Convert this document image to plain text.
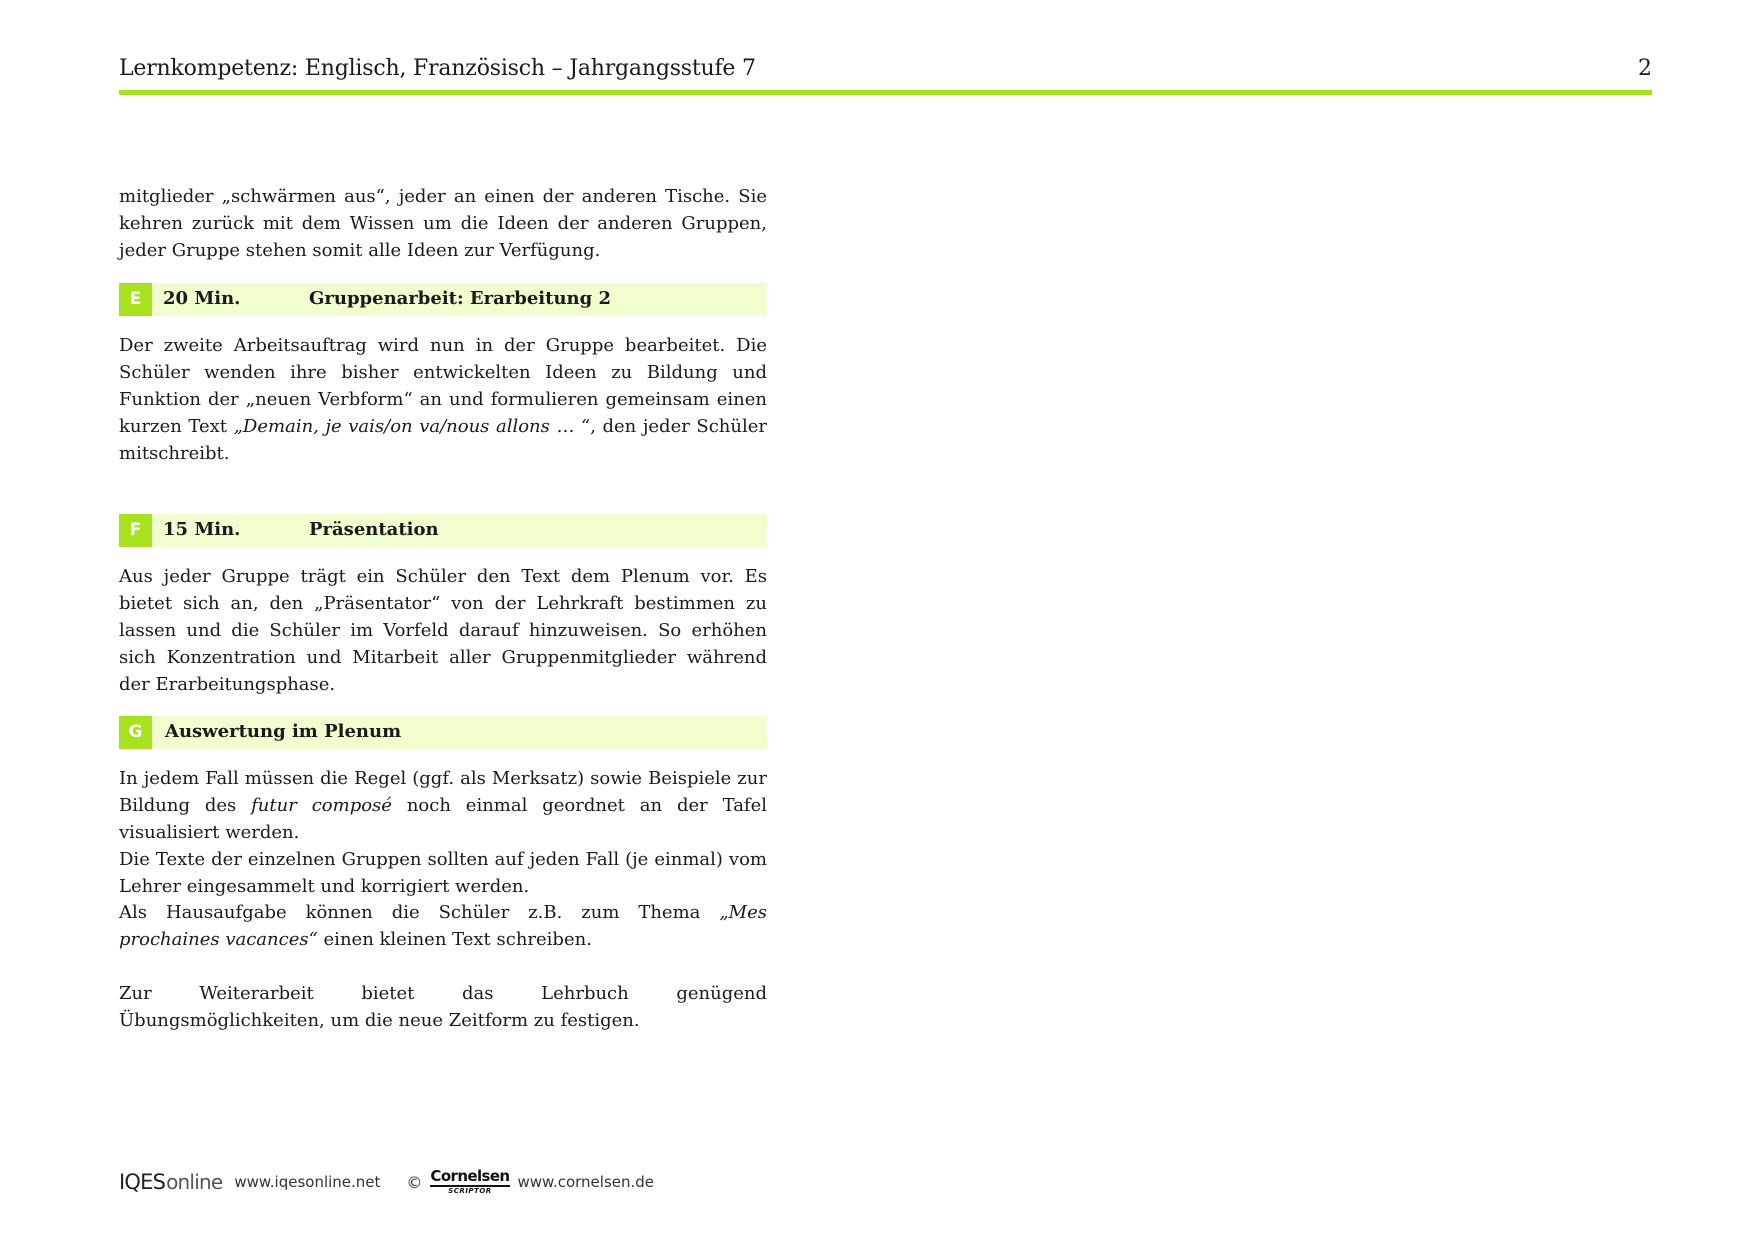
Lernkompetenz: Englisch, Französisch – Jahrgangsstufe 7	2

mitglieder „schwärmen aus“, jeder an einen der anderen Tische. Sie kehren zurück mit dem Wissen um die Ideen der anderen Gruppen, jeder Gruppe stehen somit alle Ideen zur Verfügung.

E	20 Min.	Gruppenarbeit: Erarbeitung 2

Der zweite Arbeitsauftrag wird nun in der Gruppe bearbeitet. Die Schüler wenden ihre bisher entwickelten Ideen zu Bildung und Funktion der „neuen Verbform“ an und formulieren gemeinsam einen kurzen Text „Demain, je vais/on va/nous allons … “, den jeder Schüler mitschreibt.

F	15 Min.	Präsentation

Aus jeder Gruppe trägt ein Schüler den Text dem Plenum vor. Es bietet sich an, den „Präsentator“ von der Lehrkraft bestimmen zu lassen und die Schüler im Vorfeld darauf hinzuweisen. So erhöhen sich Konzentration und Mitarbeit aller Gruppenmitglieder während der Erarbeitungsphase.

G	Auswertung im Plenum

In jedem Fall müssen die Regel (ggf. als Merksatz) sowie Beispiele zur Bildung des futur composé noch einmal geordnet an der Tafel visualisiert werden.

Die Texte der einzelnen Gruppen sollten auf jeden Fall (je einmal) vom Lehrer eingesammelt und korrigiert werden.

Als Hausaufgabe können die Schüler z.B. zum Thema „Mes prochaines vacances“ einen kleinen Text schreiben.

Zur Weiterarbeit bietet das Lehrbuch genügend Übungsmöglichkeiten, um die neue Zeitform zu festigen.

IQES online www.iqesonline.net © Cornelsen
SCRIPTOR www.cornelsen.de
